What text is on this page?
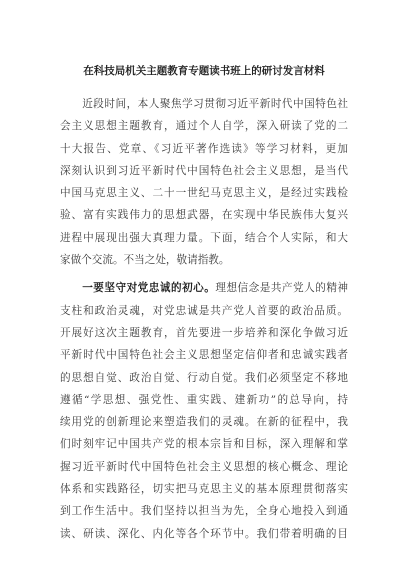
在科技局机关主题教育专题读书班上的研讨发言材料
　　近段时间，本人聚焦学习贯彻习近平新时代中国特色社
会主义思想主题教育，通过个人自学，深入研读了党的二
十大报告、党章、《习近平著作选读》等学习材料，更加
深刻认识到习近平新时代中国特色社会主义思想，是当代
中国马克思主义、二十一世纪马克思主义，是经过实践检
验、富有实践伟力的思想武器，在实现中华民族伟大复兴
进程中展现出强大真理力量。下面，结合个人实际，和大
家做个交流。不当之处，敬请指教。
　　一要坚守对党忠诚的初心。理想信念是共产党人的精神
支柱和政治灵魂，对党忠诚是共产党人首要的政治品质。
开展好这次主题教育，首先要进一步培养和深化争做习近
平新时代中国特色社会主义思想坚定信仰者和忠诚实践者
的思想自觉、政治自觉、行动自觉。我们必须坚定不移地
遵循“学思想、强党性、重实践、建新功”的总导向，持
续用党的创新理论来塑造我们的灵魂。在新的征程中，我
们时刻牢记中国共产党的根本宗旨和目标，深入理解和掌
握习近平新时代中国特色社会主义思想的核心概念、理论
体系和实践路径，切实把马克思主义的基本原理贯彻落实
到工作生活中。我们坚持以担当为先，全身心地投入到通
读、研读、深化、内化等各个环节中。我们带着明确的目
